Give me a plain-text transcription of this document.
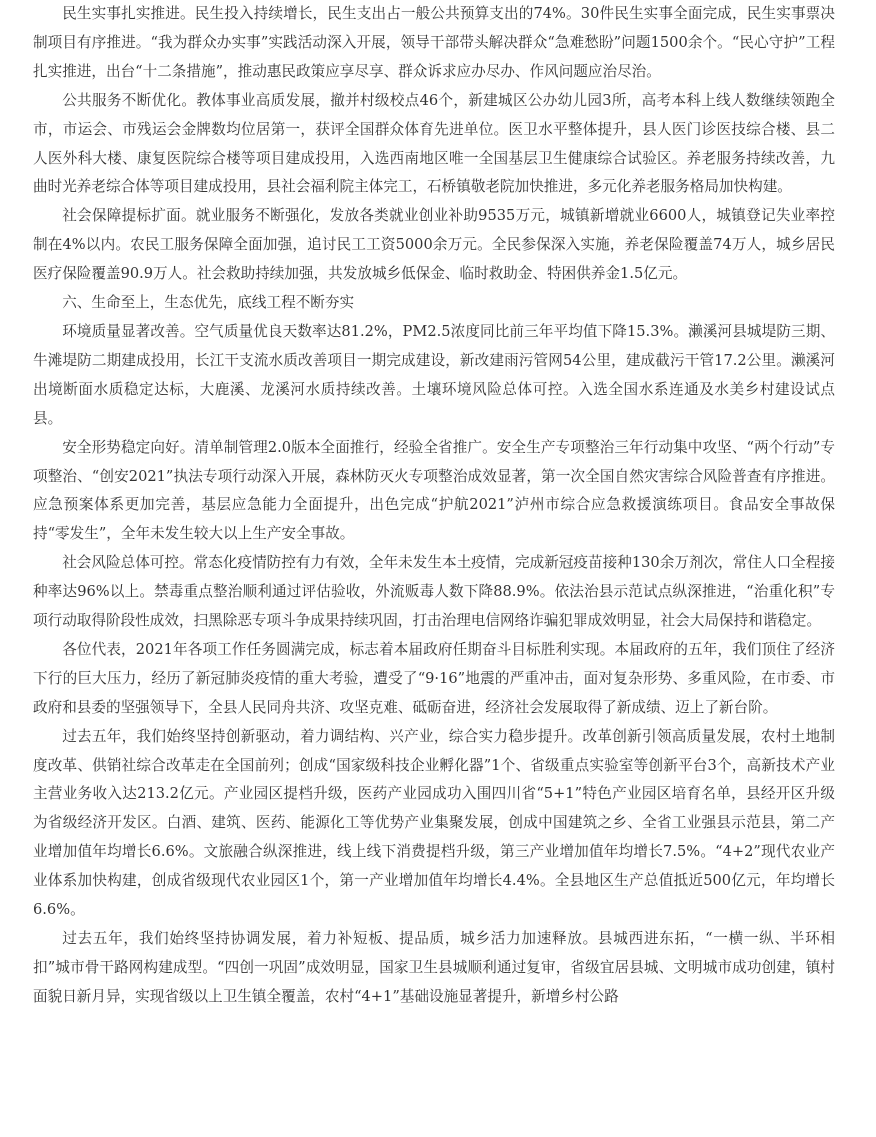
民生实事扎实推进。民生投入持续增长，民生支出占一般公共预算支出的74%。30件民生实事全面完成，民生实事票决制项目有序推进。“我为群众办实事”实践活动深入开展，领导干部带头解决群众“急难愁盼”问题1500余个。“民心守护”工程扎实推进，出台“十二条措施”，推动惠民政策应享尽享、群众诉求应办尽办、作风问题应治尽治。

公共服务不断优化。教体事业高质发展，撤并村级校点46个，新建城区公办幼儿园3所，高考本科上线人数继续领跑全市，市运会、市残运会金牌数均位居第一，获评全国群众体育先进单位。医卫水平整体提升，县人医门诊医技综合楼、县二人医外科大楼、康复医院综合楼等项目建成投用，入选西南地区唯一全国基层卫生健康综合试验区。养老服务持续改善，九曲时光养老综合体等项目建成投用，县社会福利院主体完工，石桥镇敬老院加快推进，多元化养老服务格局加快构建。

社会保障提标扩面。就业服务不断强化，发放各类就业创业补助9535万元，城镇新增就业6600人，城镇登记失业率控制在4%以内。农民工服务保障全面加强，追讨民工工资5000余万元。全民参保深入实施，养老保险覆盖74万人，城乡居民医疗保险覆盖90.9万人。社会救助持续加强，共发放城乡低保金、临时救助金、特困供养金1.5亿元。

六、生命至上，生态优先，底线工程不断夯实

环境质量显著改善。空气质量优良天数率达81.2%，PM2.5浓度同比前三年平均值下降15.3%。濑溪河县城堤防三期、牛滩堤防二期建成投用，长江干支流水质改善项目一期完成建设，新改建雨污管网54公里，建成截污干管17.2公里。濑溪河出境断面水质稳定达标，大鹿溪、龙溪河水质持续改善。土壤环境风险总体可控。入选全国水系连通及水美乡村建设试点县。

安全形势稳定向好。清单制管理2.0版本全面推行，经验全省推广。安全生产专项整治三年行动集中攻坚、“两个行动”专项整治、“创安2021”执法专项行动深入开展，森林防灭火专项整治成效显著，第一次全国自然灾害综合风险普查有序推进。应急预案体系更加完善，基层应急能力全面提升，出色完成“护航2021”泸州市综合应急救援演练项目。食品安全事故保持“零发生”，全年未发生较大以上生产安全事故。

社会风险总体可控。常态化疫情防控有力有效，全年未发生本土疫情，完成新冠疫苗接种130余万剂次，常住人口全程接种率达96%以上。禁毒重点整治顺利通过评估验收，外流贩毒人数下降88.9%。依法治县示范试点纵深推进，“治重化积”专项行动取得阶段性成效，扫黑除恶专项斗争成果持续巩固，打击治理电信网络诈骗犯罪成效明显，社会大局保持和谐稳定。

各位代表，2021年各项工作任务圆满完成，标志着本届政府任期奋斗目标胜利实现。本届政府的五年，我们顶住了经济下行的巨大压力，经历了新冠肺炎疫情的重大考验，遭受了“9·16”地震的严重冲击，面对复杂形势、多重风险，在市委、市政府和县委的坚强领导下，全县人民同舟共济、攻坚克难、砥砺奋进，经济社会发展取得了新成绩、迈上了新台阶。

过去五年，我们始终坚持创新驱动，着力调结构、兴产业，综合实力稳步提升。改革创新引领高质量发展，农村土地制度改革、供销社综合改革走在全国前列；创成“国家级科技企业孵化器”1个、省级重点实验室等创新平台3个，高新技术产业主营业务收入达213.2亿元。产业园区提档升级，医药产业园成功入围四川省“5+1”特色产业园区培育名单，县经开区升级为省级经济开发区。白酒、建筑、医药、能源化工等优势产业集聚发展，创成中国建筑之乡、全省工业强县示范县，第二产业增加值年均增长6.6%。文旅融合纵深推进，线上线下消费提档升级，第三产业增加值年均增长7.5%。“4+2”现代农业产业体系加快构建，创成省级现代农业园区1个，第一产业增加值年均增长4.4%。全县地区生产总值抵近500亿元，年均增长6.6%。

过去五年，我们始终坚持协调发展，着力补短板、提品质，城乡活力加速释放。县城西进东拓，“一横一纵、半环相扣”城市骨干路网构建成型。“四创一巩固”成效明显，国家卫生县城顺利通过复审，省级宜居县城、文明城市成功创建，镇村面貌日新月异，实现省级以上卫生镇全覆盖，农村“4+1”基础设施显著提升，新增乡村公路
